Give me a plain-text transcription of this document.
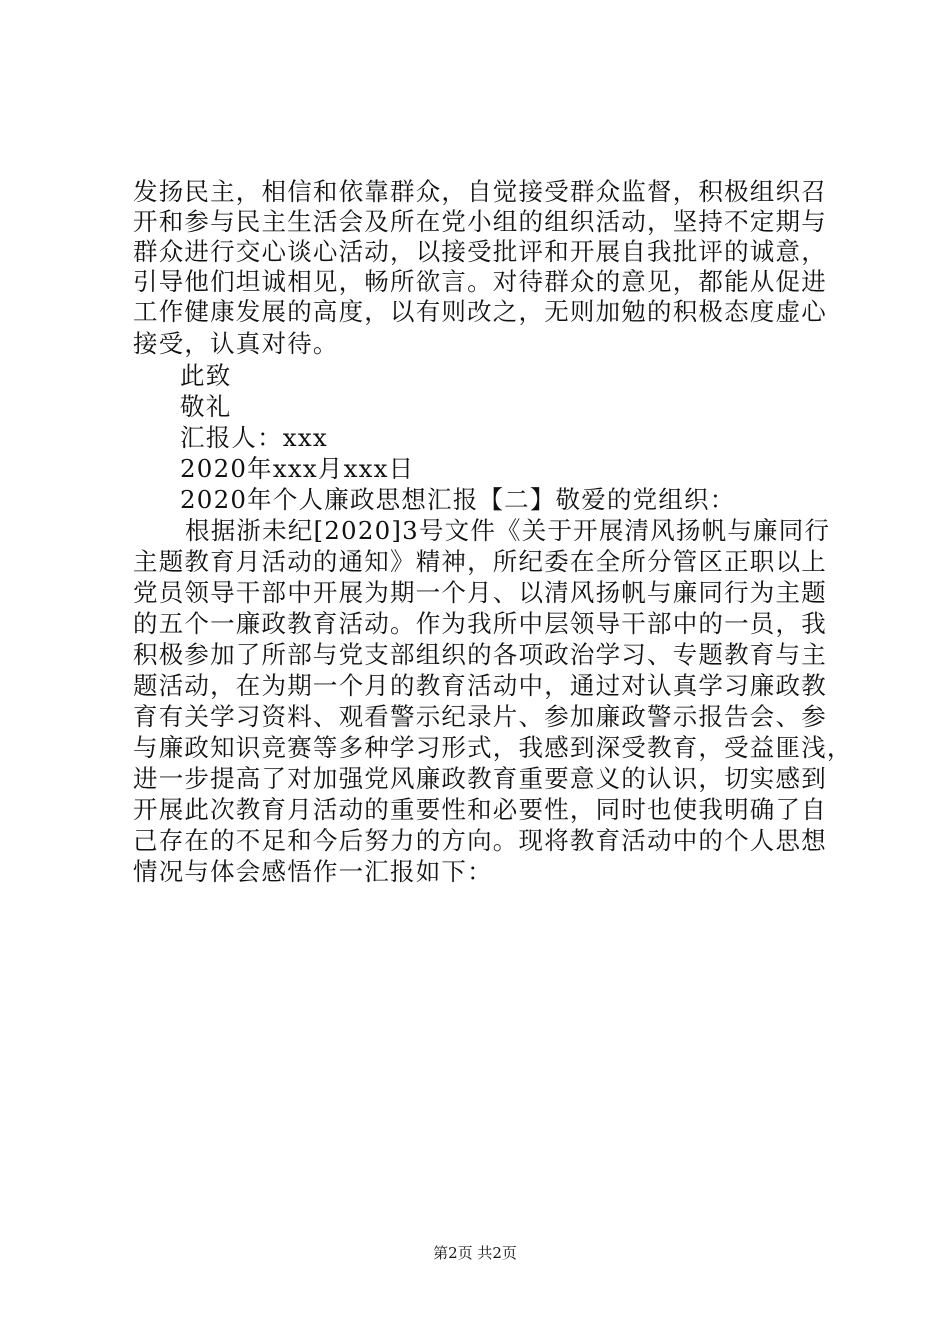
发扬民主，相信和依靠群众，自觉接受群众监督，积极组织召
开和参与民主生活会及所在党小组的组织活动，坚持不定期与
群众进行交心谈心活动，以接受批评和开展自我批评的诚意，
引导他们坦诚相见，畅所欲言。对待群众的意见，都能从促进
工作健康发展的高度，以有则改之，无则加勉的积极态度虚心
接受，认真对待。
此致
敬礼
汇报人：xxx
2020年xxx月xxx日
2020年个人廉政思想汇报【二】敬爱的党组织：
根据浙未纪[2020]3号文件《关于开展清风扬帆与廉同行
主题教育月活动的通知》精神，所纪委在全所分管区正职以上
党员领导干部中开展为期一个月、以清风扬帆与廉同行为主题
的五个一廉政教育活动。作为我所中层领导干部中的一员，我
积极参加了所部与党支部组织的各项政治学习、专题教育与主
题活动，在为期一个月的教育活动中，通过对认真学习廉政教
育有关学习资料、观看警示纪录片、参加廉政警示报告会、参
与廉政知识竞赛等多种学习形式，我感到深受教育，受益匪浅，
进一步提高了对加强党风廉政教育重要意义的认识，切实感到
开展此次教育月活动的重要性和必要性，同时也使我明确了自
己存在的不足和今后努力的方向。现将教育活动中的个人思想
情况与体会感悟作一汇报如下：
第2页 共2页
